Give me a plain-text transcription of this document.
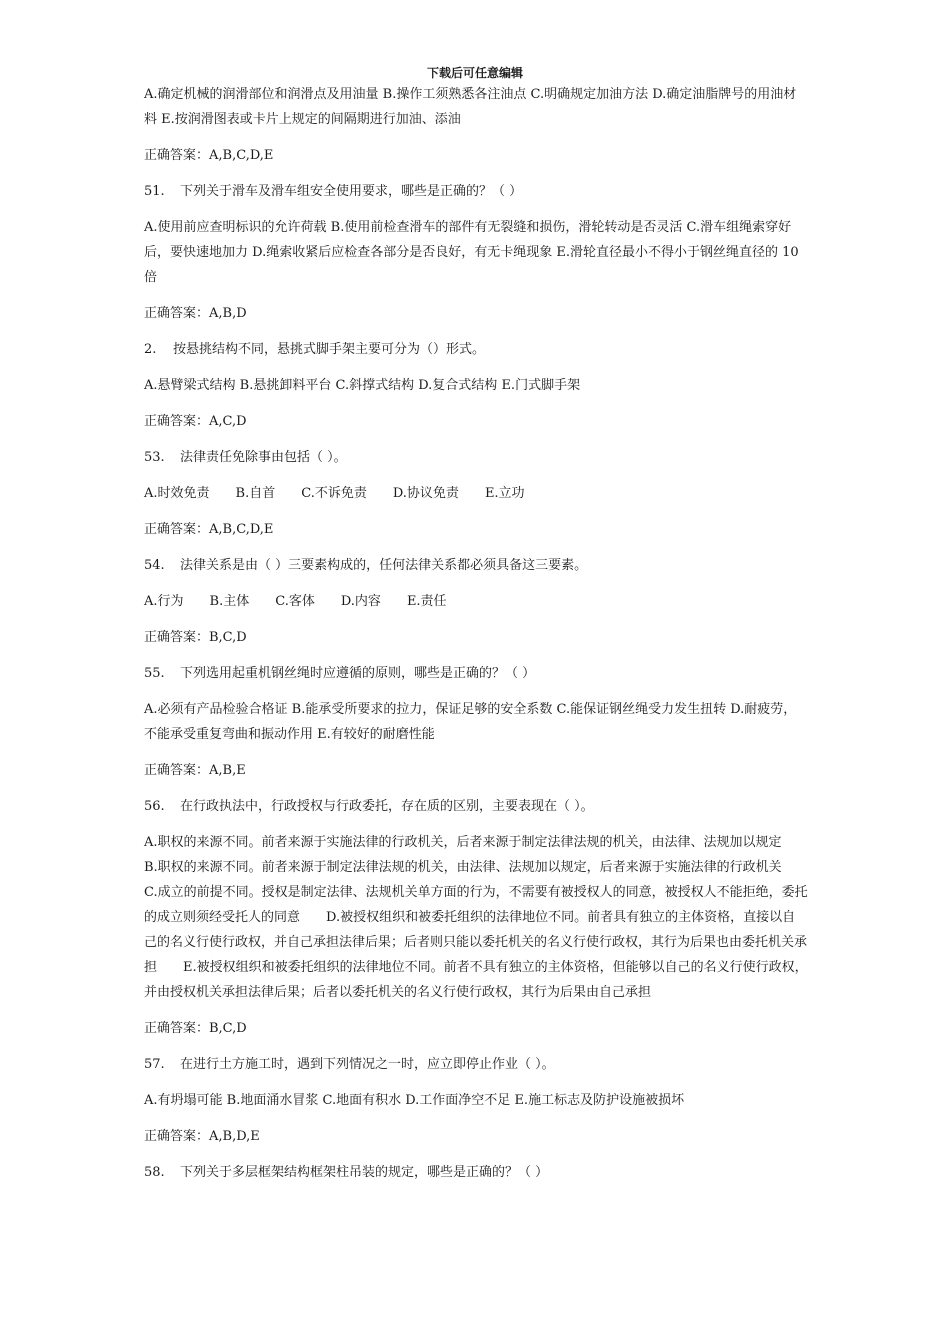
下载后可任意编辑

A.确定机械的润滑部位和润滑点及用油量 B.操作工须熟悉各注油点 C.明确规定加油方法 D.确定油脂牌号的用油材料 E.按润滑图表或卡片上规定的间隔期进行加油、添油

正确答案：A,B,C,D,E

51. 下列关于滑车及滑车组安全使用要求，哪些是正确的？（ ）

A.使用前应查明标识的允许荷载 B.使用前检查滑车的部件有无裂缝和损伤，滑轮转动是否灵活 C.滑车组绳索穿好后，要快速地加力 D.绳索收紧后应检查各部分是否良好，有无卡绳现象 E.滑轮直径最小不得小于钢丝绳直径的 10 倍

正确答案：A,B,D

2. 按悬挑结构不同，悬挑式脚手架主要可分为（）形式。

A.悬臂梁式结构 B.悬挑卸料平台 C.斜撑式结构 D.复合式结构 E.门式脚手架

正确答案：A,C,D

53. 法律责任免除事由包括（ ）。

A.时效免责 B.自首 C.不诉免责 D.协议免责 E.立功

正确答案：A,B,C,D,E

54. 法律关系是由（ ）三要素构成的，任何法律关系都必须具备这三要素。

A.行为 B.主体 C.客体 D.内容 E.责任

正确答案：B,C,D

55. 下列选用起重机钢丝绳时应遵循的原则，哪些是正确的？（ ）

A.必须有产品检验合格证 B.能承受所要求的拉力，保证足够的安全系数 C.能保证钢丝绳受力发生扭转 D.耐疲劳，不能承受重复弯曲和振动作用 E.有较好的耐磨性能

正确答案：A,B,E

56. 在行政执法中，行政授权与行政委托，存在质的区别，主要表现在（ ）。

A.职权的来源不同。前者来源于实施法律的行政机关，后者来源于制定法律法规的机关，由法律、法规加以规定　　B.职权的来源不同。前者来源于制定法律法规的机关，由法律、法规加以规定，后者来源于实施法律的行政机关　　C.成立的前提不同。授权是制定法律、法规机关单方面的行为，不需要有被授权人的同意，被授权人不能拒绝，委托的成立则须经受托人的同意　　D.被授权组织和被委托组织的法律地位不同。前者具有独立的主体资格，直接以自己的名义行使行政权，并自己承担法律后果；后者则只能以委托机关的名义行使行政权，其行为后果也由委托机关承担　　E.被授权组织和被委托组织的法律地位不同。前者不具有独立的主体资格，但能够以自己的名义行使行政权，并由授权机关承担法律后果；后者以委托机关的名义行使行政权，其行为后果由自己承担

正确答案：B,C,D

57. 在进行土方施工时，遇到下列情况之一时，应立即停止作业（ ）。

A.有坍塌可能 B.地面涌水冒浆 C.地面有积水 D.工作面净空不足 E.施工标志及防护设施被损坏

正确答案：A,B,D,E

58. 下列关于多层框架结构框架柱吊装的规定，哪些是正确的？（ ）
